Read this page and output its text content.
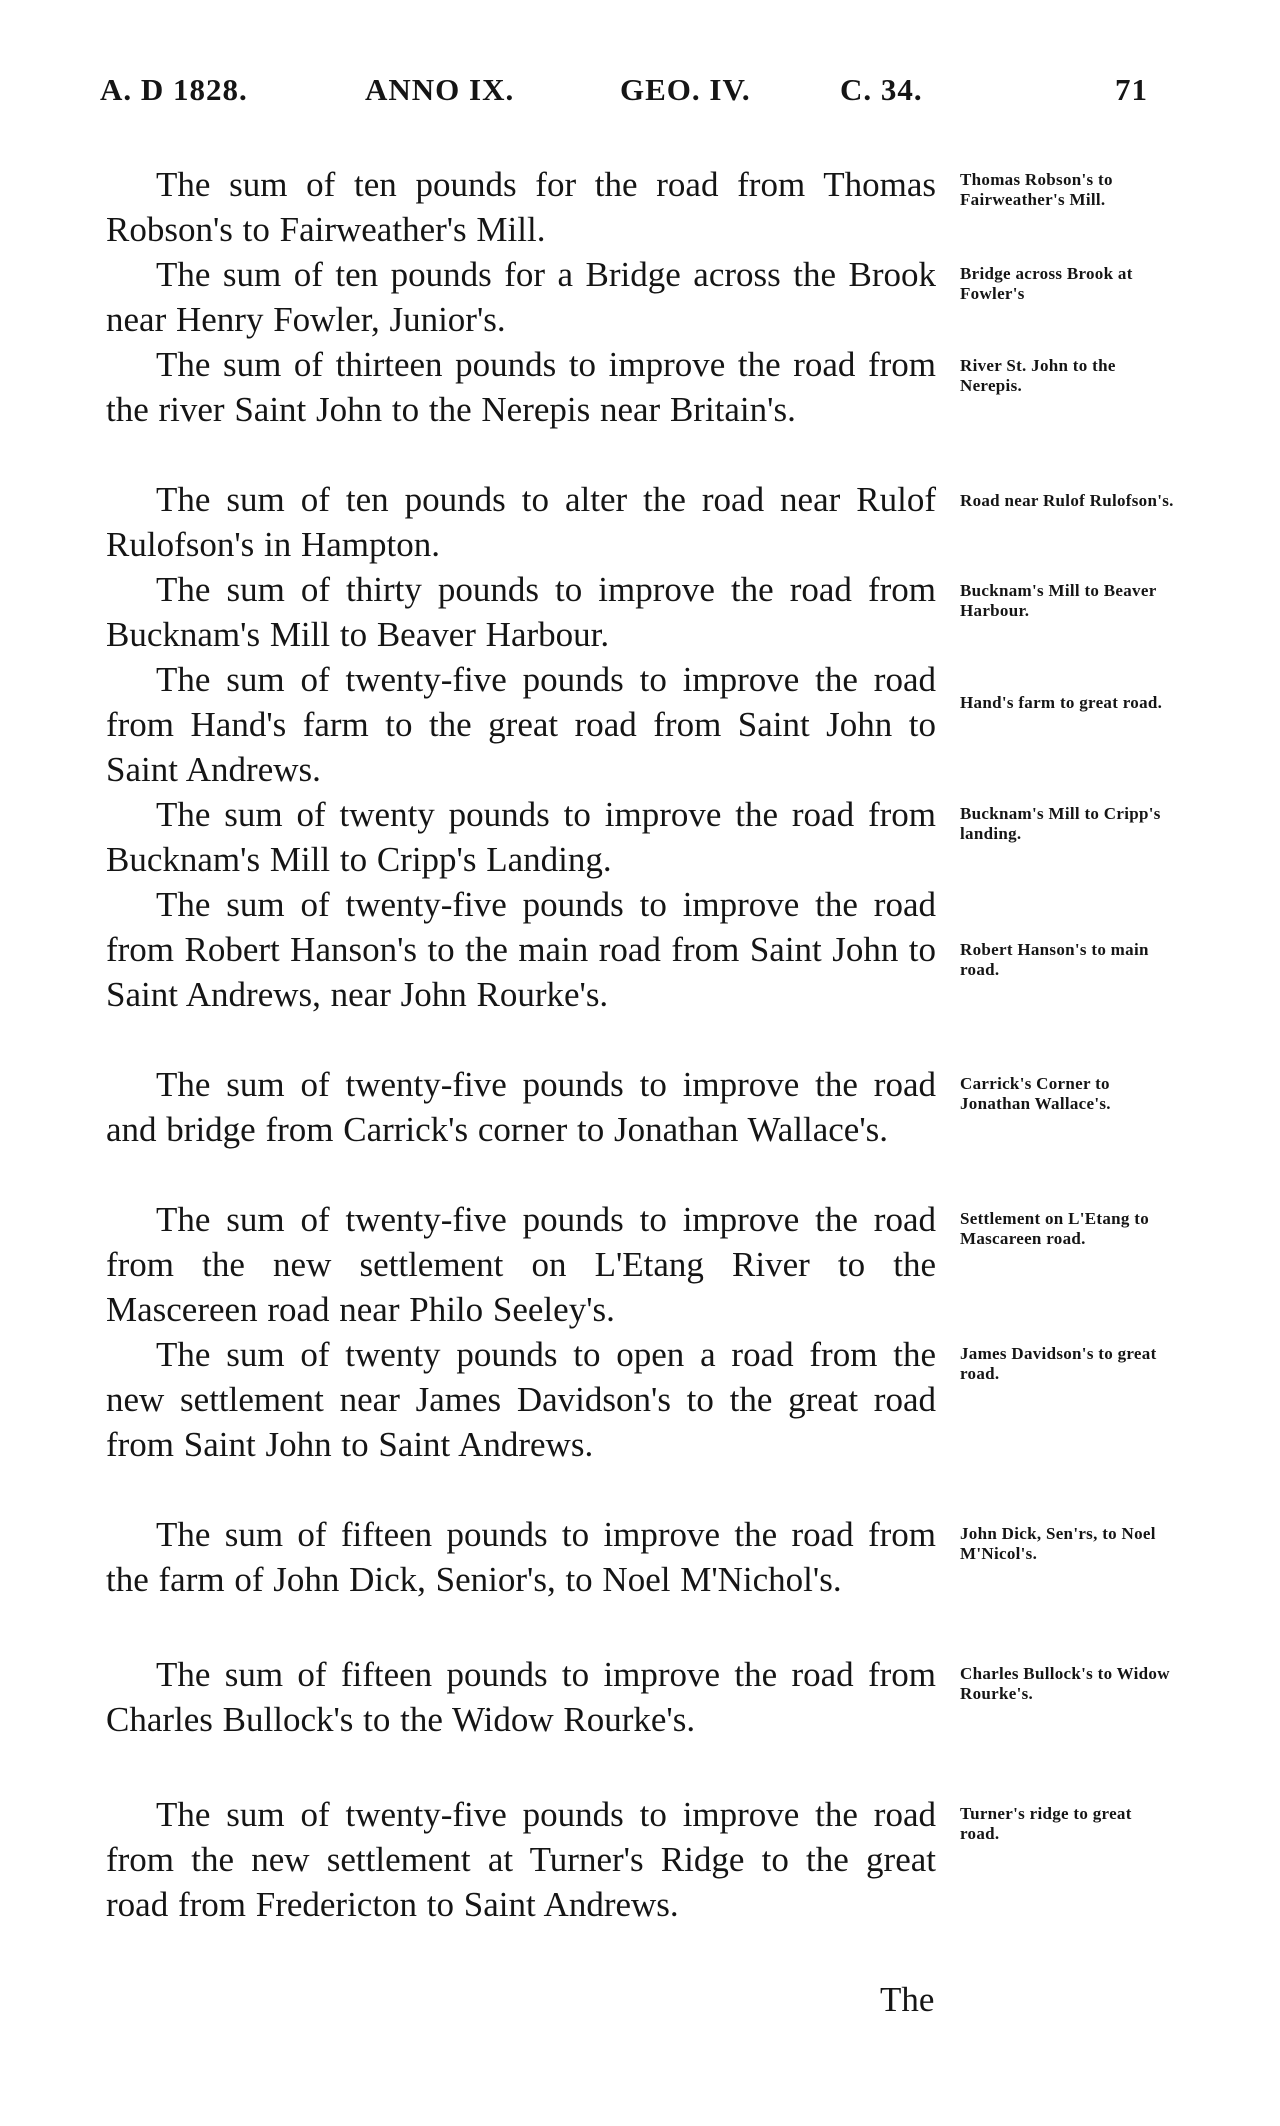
A. D 1828.	ANNO IX.	GEO. IV.	C. 34.	71
The sum of ten pounds for the road from Thomas Robson's to Fairweather's Mill.
Thomas Robson's to Fairweather's Mill.
The sum of ten pounds for a Bridge across the Brook near Henry Fowler, Junior's.
Bridge across Brook at Fowler's
The sum of thirteen pounds to improve the road from the river Saint John to the Nerepis near Britain's.
River St. John to the Nerepis.
The sum of ten pounds to alter the road near Rulof Rulofson's in Hampton.
Road near Rulof Rulofson's.
The sum of thirty pounds to improve the road from Bucknam's Mill to Beaver Harbour.
Bucknam's Mill to Beaver Harbour.
The sum of twenty-five pounds to improve the road from Hand's farm to the great road from Saint John to Saint Andrews.
Hand's farm to great road.
The sum of twenty pounds to improve the road from Bucknam's Mill to Cripp's Landing.
Bucknam's Mill to Cripp's landing.
The sum of twenty-five pounds to improve the road from Robert Hanson's to the main road from Saint John to Saint Andrews, near John Rourke's.
Robert Hanson's to main road.
The sum of twenty-five pounds to improve the road and bridge from Carrick's corner to Jonathan Wallace's.
Carrick's Corner to Jonathan Wallace's.
The sum of twenty-five pounds to improve the road from the new settlement on L'Etang River to the Mascereen road near Philo Seeley's.
Settlement on L'Etang to Mascareen road.
The sum of twenty pounds to open a road from the new settlement near James Davidson's to the great road from Saint John to Saint Andrews.
James Davidson's to great road.
The sum of fifteen pounds to improve the road from the farm of John Dick, Senior's, to Noel M'Nichol's.
John Dick, Sen'rs, to Noel M'Nicol's.
The sum of fifteen pounds to improve the road from Charles Bullock's to the Widow Rourke's.
Charles Bullock's to Widow Rourke's.
The sum of twenty-five pounds to improve the road from the new settlement at Turner's Ridge to the great road from Fredericton to Saint Andrews.
Turner's ridge to great road.
The
